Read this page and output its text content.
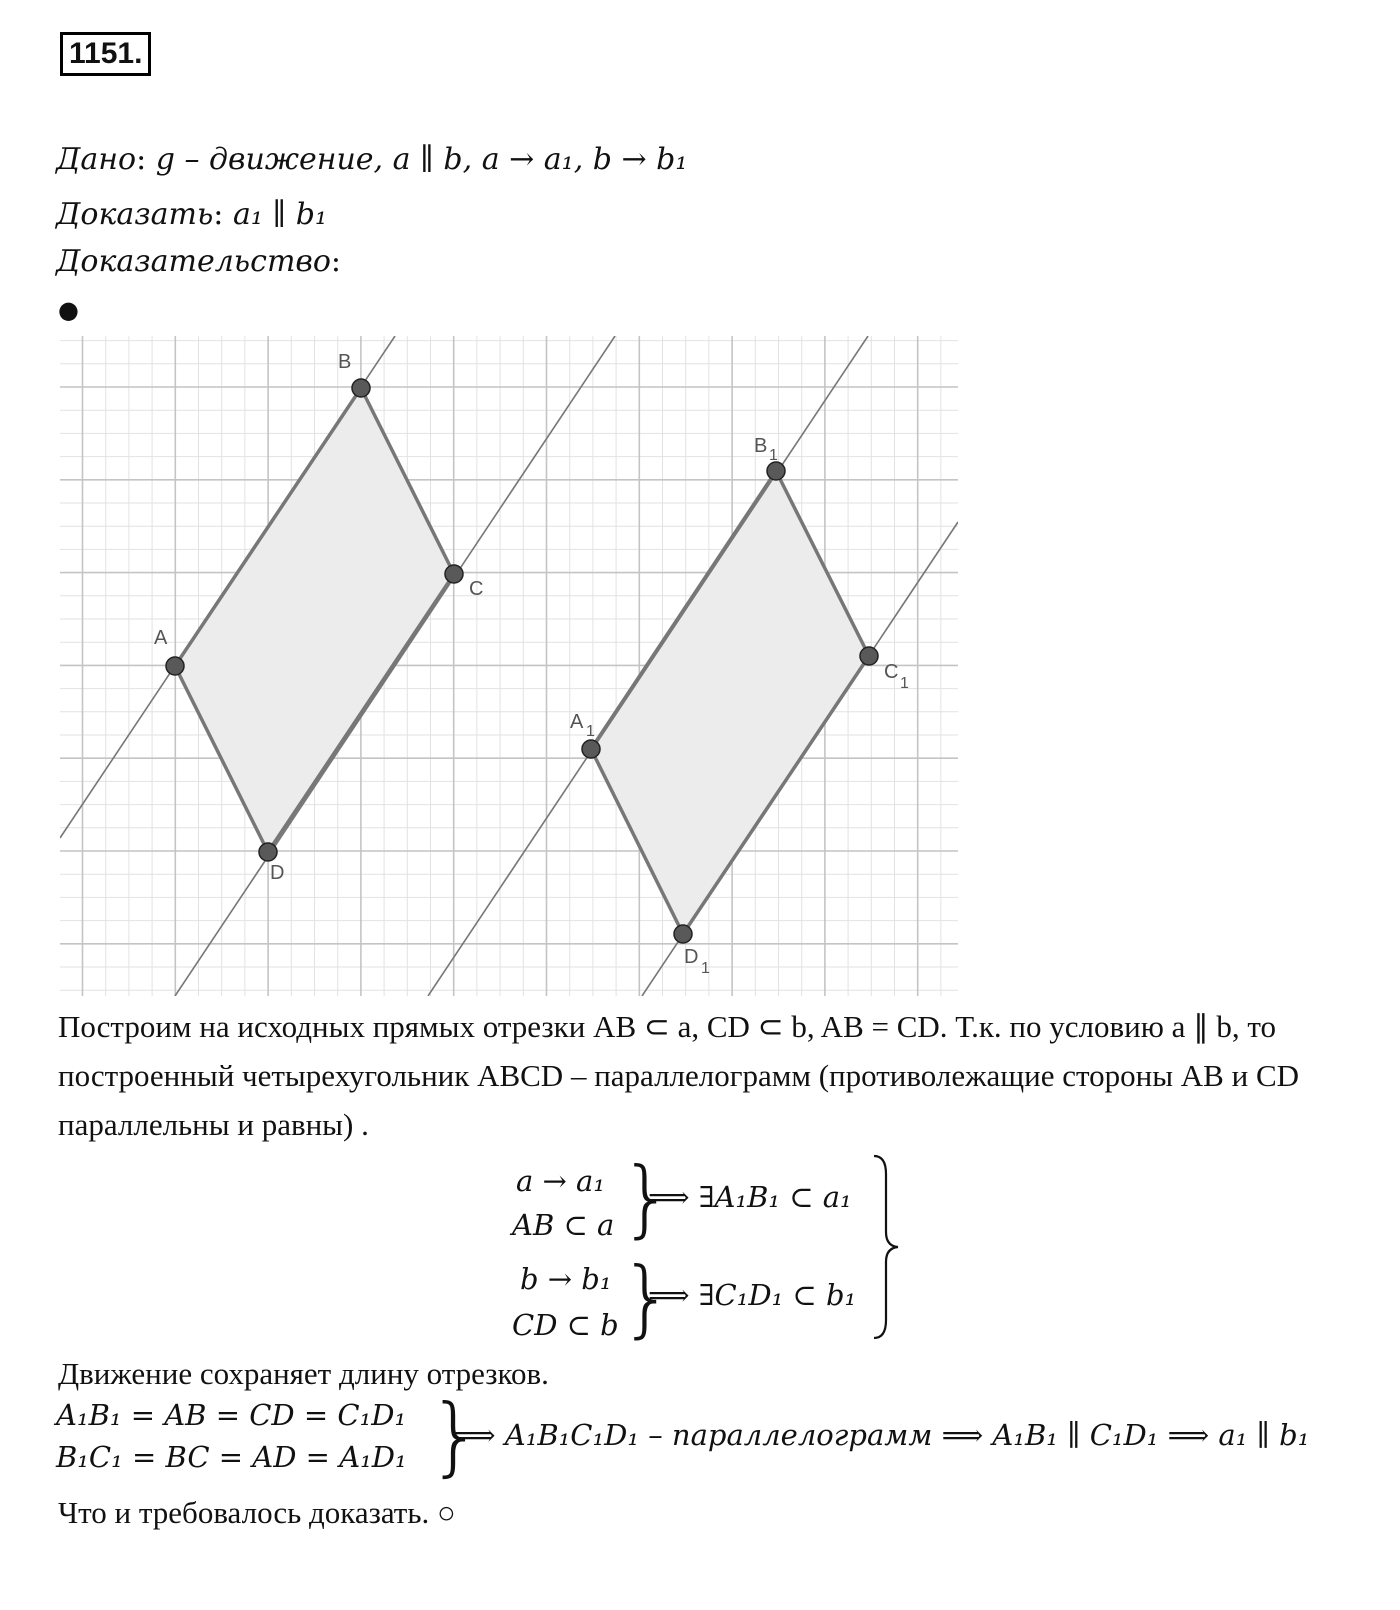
1151.
Дано: g – движение, a ∥ b, a → a₁, b → b₁
Доказать: a₁ ∥ b₁
Доказательство:
●
A
B
C
D
A 1
B 1
C
1
D
1
Построим на исходных прямых отрезки AB ⊂ a, CD ⊂ b, AB = CD. Т.к. по условию a ∥ b, то построенный четырехугольник ABCD – параллелограмм (противолежащие стороны AB и CD параллельны и равны) .
a → a₁
AB ⊂ a }
⟹ ∃A₁B₁ ⊂ a₁
b → b₁
CD ⊂ b }
⟹ ∃C₁D₁ ⊂ b₁
Движение сохраняет длину отрезков.
A₁B₁ = AB = CD = C₁D₁
B₁C₁ = BC = AD = A₁D₁ }
⟹ A₁B₁C₁D₁ – параллелограмм ⟹ A₁B₁ ∥ C₁D₁ ⟹ a₁ ∥ b₁
Что и требовалось доказать. ○
